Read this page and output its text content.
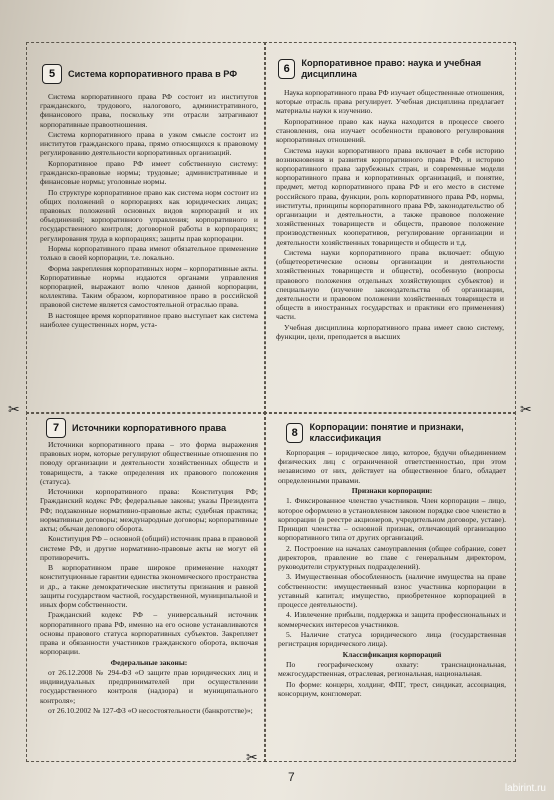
✂	✂
✂
5	Система корпоративного права в РФ

Система корпоративного права РФ состоит из институтов гражданского, трудового, налогового, административного, финансового права, поскольку эти отрасли затрагивают корпоративные правоотношения.

Система корпоративного права в узком смысле состоит из институтов гражданского права, прямо относящихся к правовому регулированию деятельности корпоративных организаций.

Корпоративное право РФ имеет собственную систему: гражданско-правовые нормы; трудовые; административные и финансовые нормы; уголовные нормы.

По структуре корпоративное право как система норм состоит из общих положений о корпорациях как юридических лицах; правовых положений основных видов корпораций и их объединений; корпоративного управления; корпоративного и государственного контроля; договорной работы в корпорациях; регулирования труда в корпорациях; защиты прав корпорации.

Нормы корпоративного права имеют обязательное применение только в своей корпорации, т.е. локально.

Форма закрепления корпоративных норм – корпоративные акты. Корпоративные нормы издаются органами управления корпорацией, выражают волю членов данной корпорации, коллектива. Таким образом, корпоративное право в российской правовой системе является самостоятельной отраслью права.

В настоящее время корпоративное право выступает как система наиболее существенных норм, уста-

6	Корпоративное право: наука и учебная дисциплина

Наука корпоративного права РФ изучает общественные отношения, которые отрасль права регулирует. Учебная дисциплина предлагает материалы науки к изучению.

Корпоративное право как наука находится в процессе своего становления, она изучает особенности правового регулирования корпоративных отношений.

Система науки корпоративного права включает в себя историю возникновения и развития корпоративного права РФ, и историю корпоративного права зарубежных стран, и современные модели корпоративного права и корпоративных организаций, и понятие, предмет, метод корпоративного права РФ и его место в системе российского права, функции, роль корпоративного права РФ, нормы, институты, принципы корпоративного права РФ, законодательство об организации и деятельности, а также правовое положение хозяйственных товариществ и обществ, правовое положение производственных кооперативов, регулирование организации и деятельности хозяйственных товариществ и обществ и т.д.

Система науки корпоративного права включает: общую (общетеоретические основы организации и деятельности хозяйственных товариществ и обществ), особенную (вопросы правового положения отдельных хозяйствующих субъектов) и специальную (изучение законодательства об организации, деятельности и правовом положении хозяйственных товариществ и обществ в иностранных государствах и практики его применения) части.

Учебная дисциплина корпоративного права имеет свою систему, функции, цели, преподается в высших

7	Источники корпоративного права

Источники корпоративного права – это форма выражения правовых норм, которые регулируют общественные отношения по поводу организации и деятельности хозяйственных обществ и товариществ, а также определения их правового положения (статуса).

Источники корпоративного права: Конституция РФ; Гражданский кодекс РФ; федеральные законы; указы Президента РФ; подзаконные нормативно-правовые акты; судебная практика; нормативные договоры; международные договоры; корпоративные акты; обычаи делового оборота.

Конституция РФ – основной (общий) источник права в правовой системе РФ, и другие нормативно-правовые акты не могут ей противоречить.

В корпоративном праве широкое применение находят конституционные гарантии единства экономического пространства и др., а также демократические институты признания и равной защиты государством частной, государственной, муниципальной и иных форм собственности.

Гражданский кодекс РФ – универсальный источник корпоративного права РФ, именно на его основе устанавливаются основы правового статуса корпоративных субъектов. Закрепляет права и обязанности участников гражданского оборота, включая корпорации.

Федеральные законы:

от 26.12.2008 № 294-ФЗ «О защите прав юридических лиц и индивидуальных предпринимателей при осуществлении государственного контроля (надзора) и муниципального контроля»;

от 26.10.2002 № 127-ФЗ «О несостоятельности (банкротстве)»;

8	Корпорации: понятие и признаки, классификация

Корпорация – юридическое лицо, которое, будучи объединением физических лиц с ограниченной ответственностью, при этом независимо от них, действует на общественное благо, обладает определенными правами.

Признаки корпорации:

1. Фиксированное членство участников. Член корпорации – лицо, которое оформлено в установленном законом порядке свое членство в корпорации (в реестре акционеров, учредительном договоре, уставе). Принцип членства – основной признак, отличающий организацию корпоративного типа от других организаций.

2. Построение на началах самоуправления (общее собрание, совет директоров, правление во главе с генеральным директором, руководители структурных подразделений).

3. Имущественная обособленность (наличие имущества на праве собственности: имущественный взнос участника корпорации в уставный капитал; имущество, приобретенное корпорацией в процессе деятельности).

4. Извлечение прибыли, поддержка и защита профессиональных и коммерческих интересов участников.

5. Наличие статуса юридического лица (государственная регистрация юридического лица).

Классификация корпораций

По географическому охвату: транснациональная, межгосударственная, отраслевая, региональная, национальная.

По форме: концерн, холдинг, ФПГ, трест, синдикат, ассоциация, консорциум, конгломерат.

7
labirint.ru
